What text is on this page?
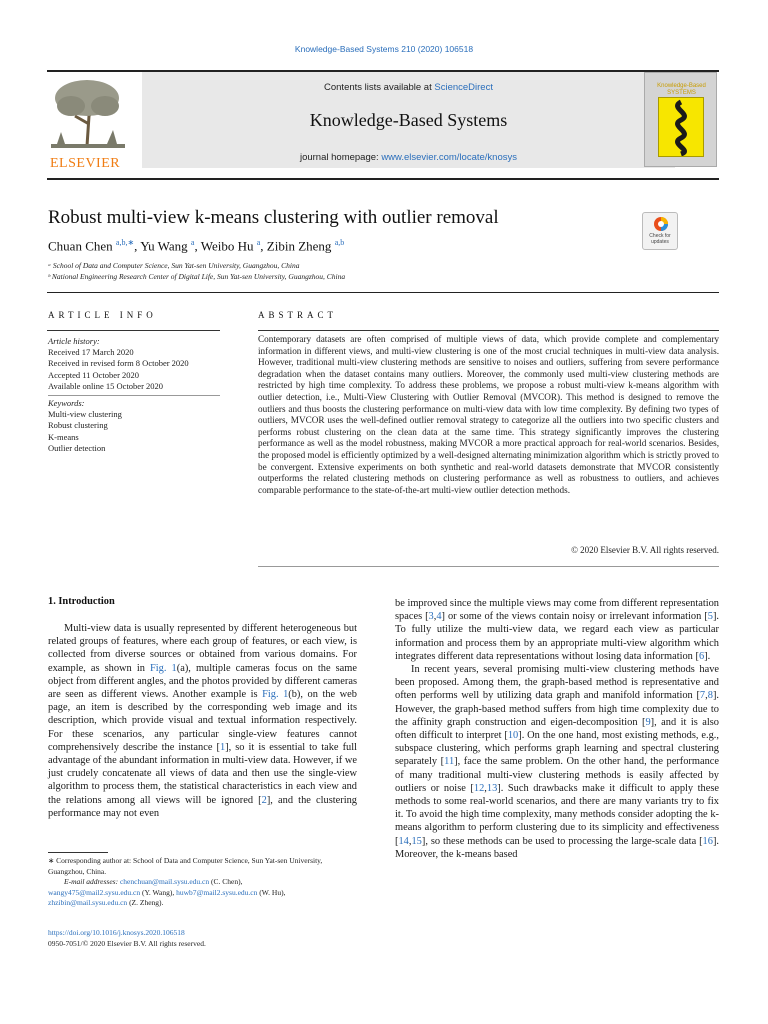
Knowledge-Based Systems 210 (2020) 106518
ELSEVIER
Contents lists available at ScienceDirect
Knowledge-Based Systems
journal homepage: www.elsevier.com/locate/knosys
Knowledge-Based SYSTEMS
Robust multi-view k-means clustering with outlier removal
Chuan Chen $^{a,b,∗}$, Yu Wang $^a$, Weibo Hu $^a$, Zibin Zheng $^{a,b}$
ᵃ School of Data and Computer Science, Sun Yat-sen University, Guangzhou, China
ᵇ National Engineering Research Center of Digital Life, Sun Yat-sen University, Guangzhou, China
Check for updates
ARTICLE INFO	ABSTRACT
Article history:
Received 17 March 2020
Received in revised form 8 October 2020
Accepted 11 October 2020
Available online 15 October 2020
Keywords:
Multi-view clustering
Robust clustering
K-means
Outlier detection
Contemporary datasets are often comprised of multiple views of data, which provide complete and complementary information in different views, and multi-view clustering is one of the most crucial techniques in multi-view data analysis. However, traditional multi-view clustering methods are sensitive to noises and outliers, suffering from severe performance degradation when the dataset contains many outliers. Moreover, the commonly used multi-view clustering methods are restricted by high time complexity. To address these problems, we propose a robust multi-view k-means algorithm with outlier detection, i.e., Multi-View Clustering with Outlier Removal (MVCOR). This method is designed to remove the outliers and thus boosts the clustering performance on multi-view data with low time complexity. By defining two types of outliers, MVCOR uses the well-defined outlier removal strategy to categorize all the outliers into two specific clusters and performs robust clustering on the clean data at the same time. This strategy significantly improves the clustering performance as well as the model robustness, making MVCOR a more practical approach for real-world scenarios. Besides, the proposed model is efficiently optimized by a well-designed alternating minimization algorithm which is strictly proved to be convergent. Extensive experiments on both synthetic and real-world datasets demonstrate that MVCOR consistently outperforms the related clustering methods on clustering performance as well as robustness to outliers, and achieves comparable performance to the state-of-the-art multi-view outlier detection methods.
© 2020 Elsevier B.V. All rights reserved.
1. Introduction

Multi-view data is usually represented by different heterogeneous but related groups of features, where each group of features, or each view, is collected from diverse sources or obtained from various domains. For example, as shown in Fig. 1(a), multiple cameras focus on the same object from different angles, and the photos provided by different cameras are seen as different views. Another example is Fig. 1(b), on the web page, an item is described by the corresponding web image and its description, which provide visual and textual information respectively. For these scenarios, any particular single-view features cannot comprehensively describe the instance [1], so it is essential to take full advantage of the abundant information in multi-view data. However, if we just crudely concatenate all views of data and then use the single-view algorithm to process them, the statistical characteristics in each view and the relations among all views will be ignored [2], and the clustering performance may not even

be improved since the multiple views may come from different representation spaces [3,4] or some of the views contain noisy or irrelevant information [5]. To fully utilize the multi-view data, we regard each view as particular information and process them by an appropriate multi-view algorithm which integrates different data representations without losing data information [6].

In recent years, several promising multi-view clustering methods have been proposed. Among them, the graph-based method is representative and often performs well by utilizing data graph and manifold information [7,8]. However, the graph-based method suffers from high time complexity due to the affinity graph construction and eigen-decomposition [9], and it is also often difficult to interpret [10]. On the one hand, most existing methods, e.g., subspace clustering, which performs graph learning and spectral clustering separately [11], face the same problem. On the other hand, the performance of many traditional multi-view clustering methods is easily affected by outliers or noise [12,13]. Such drawbacks make it difficult to apply these methods to some real-world scenarios, and there are many variants try to fix it. To avoid the high time complexity, many methods consider adopting the k-means algorithm to perform clustering due to its simplicity and effectiveness [14,15], so these methods can be used to processing the large-scale data [16]. Moreover, the k-means based

∗ Corresponding author at: School of Data and Computer Science, Sun Yat-sen University, Guangzhou, China.
E-mail addresses: chenchuan@mail.sysu.edu.cn (C. Chen),
wangy475@mail2.sysu.edu.cn (Y. Wang), huwb7@mail2.sysu.edu.cn (W. Hu),
zhzibin@mail.sysu.edu.cn (Z. Zheng).
https://doi.org/10.1016/j.knosys.2020.106518
0950-7051/© 2020 Elsevier B.V. All rights reserved.
